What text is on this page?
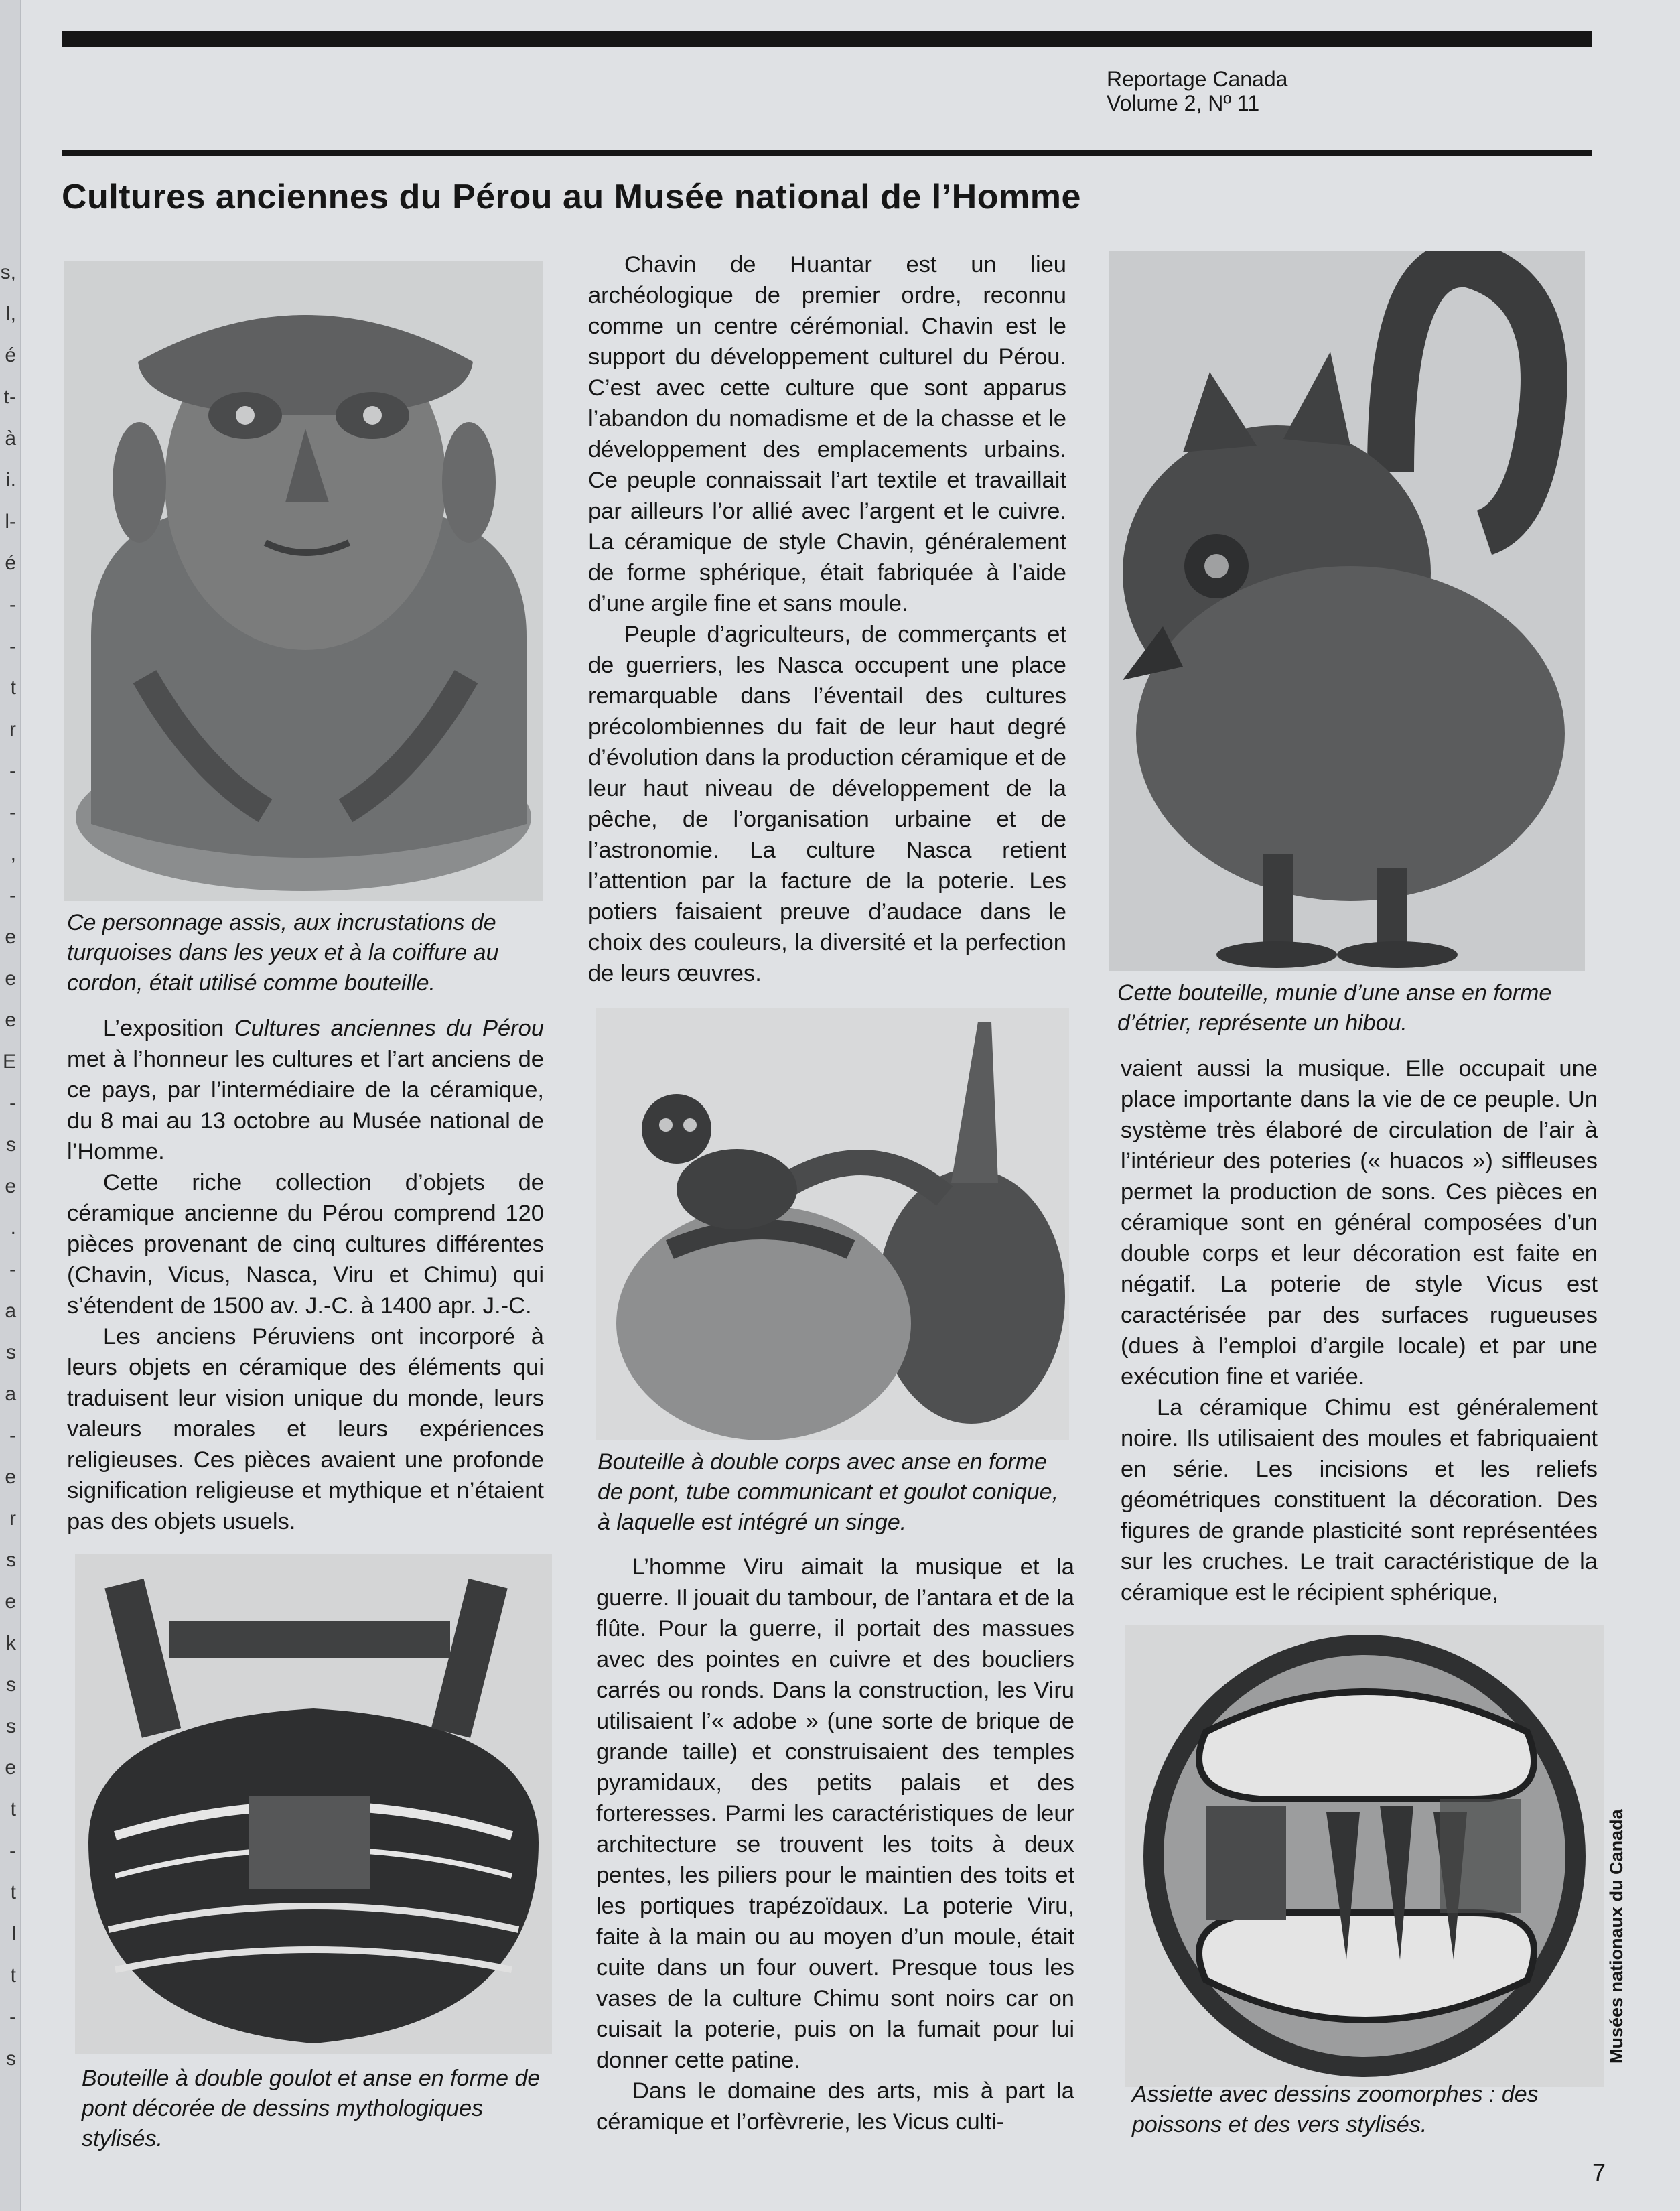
s,
l,
é
t-
à
i.
l-
é
-
-
t
r
-
-
,
-
e
e
e
E
-
s
e
.
-
a
s
a
-
e
r
s
e
k
s
s
e
t
-
t
l
t
-
s
Reportage Canada
Volume 2, Nº 11
Cultures anciennes du Pérou au Musée national de l’Homme
Ce personnage assis, aux incrustations de turquoises dans les yeux et à la coiffure au cordon, était utilisé comme bouteille.

L’exposition Cultures anciennes du Pérou met à l’honneur les cultures et l’art anciens de ce pays, par l’intermédiaire de la céramique, du 8 mai au 13 octobre au Musée national de l’Homme.

Cette riche collection d’objets de céramique ancienne du Pérou comprend 120 pièces provenant de cinq cultures différentes (Chavin, Vicus, Nasca, Viru et Chimu) qui s’étendent de 1500 av. J.-C. à 1400 apr. J.-C.

Les anciens Péruviens ont incorporé à leurs objets en céramique des éléments qui traduisent leur vision unique du monde, leurs valeurs morales et leurs expériences religieuses. Ces pièces avaient une profonde signification religieuse et mythique et n’étaient pas des objets usuels.

Bouteille à double goulot et anse en forme de pont décorée de dessins mythologiques stylisés.

Chavin de Huantar est un lieu archéologique de premier ordre, reconnu comme un centre cérémonial. Chavin est le support du développement culturel du Pérou. C’est avec cette culture que sont apparus l’abandon du nomadisme et de la chasse et le développement des emplacements urbains. Ce peuple connaissait l’art textile et travaillait par ailleurs l’or allié avec l’argent et le cuivre. La céramique de style Chavin, généralement de forme sphérique, était fabriquée à l’aide d’une argile fine et sans moule.

Peuple d’agriculteurs, de commerçants et de guerriers, les Nasca occupent une place remarquable dans l’éventail des cultures précolombiennes du fait de leur haut degré d’évolution dans la production céramique et de leur haut niveau de développement de la pêche, de l’organisation urbaine et de l’astronomie. La culture Nasca retient l’attention par la facture de la poterie. Les potiers faisaient preuve d’audace dans le choix des couleurs, la diversité et la perfection de leurs œuvres.

Bouteille à double corps avec anse en forme de pont, tube communicant et goulot conique, à laquelle est intégré un singe.

L’homme Viru aimait la musique et la guerre. Il jouait du tambour, de l’antara et de la flûte. Pour la guerre, il portait des massues avec des pointes en cuivre et des boucliers carrés ou ronds. Dans la construction, les Viru utilisaient l’« adobe » (une sorte de brique de grande taille) et construisaient des temples pyramidaux, des petits palais et des forteresses. Parmi les caractéristiques de leur architecture se trouvent les toits à deux pentes, les piliers pour le maintien des toits et les portiques trapézoïdaux. La poterie Viru, faite à la main ou au moyen d’un moule, était cuite dans un four ouvert. Presque tous les vases de la culture Chimu sont noirs car on cuisait la poterie, puis on la fumait pour lui donner cette patine.

Dans le domaine des arts, mis à part la céramique et l’orfèvrerie, les Vicus culti-

Cette bouteille, munie d’une anse en forme d’étrier, représente un hibou.

vaient aussi la musique. Elle occupait une place importante dans la vie de ce peuple. Un système très élaboré de circulation de l’air à l’intérieur des poteries (« huacos ») siffleuses permet la production de sons. Ces pièces en céramique sont en général composées d’un double corps et leur décoration est faite en négatif. La poterie de style Vicus est caractérisée par des surfaces rugueuses (dues à l’emploi d’argile locale) et par une exécution fine et variée.

La céramique Chimu est généralement noire. Ils utilisaient des moules et fabriquaient en série. Les incisions et les reliefs géométriques constituent la décoration. Des figures de grande plasticité sont représentées sur les cruches. Le trait caractéristique de la céramique est le récipient sphérique,

Assiette avec dessins zoomorphes : des poissons et des vers stylisés.
Musées nationaux du Canada
7
